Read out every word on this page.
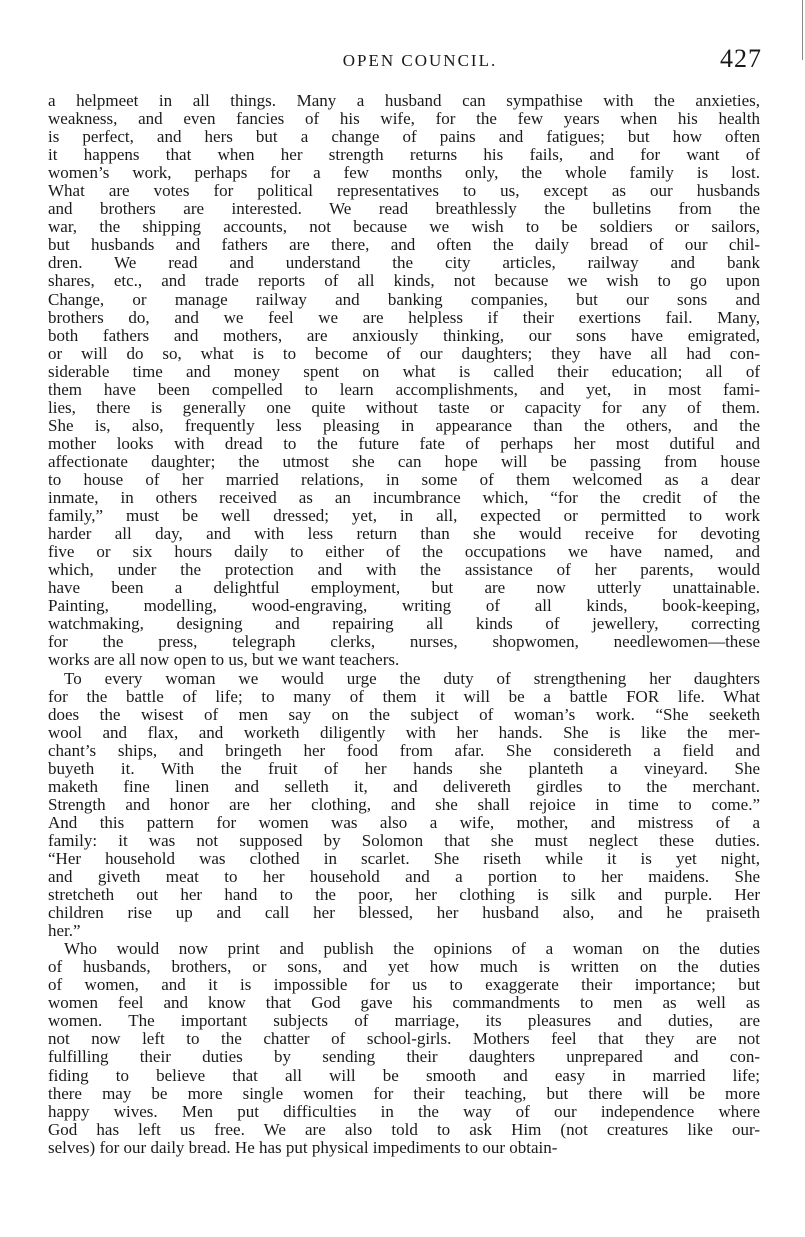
OPEN COUNCIL.	427
a helpmeet in all things. Many a husband can sympathise with the anxieties,
weakness, and even fancies of his wife, for the few years when his health
is perfect, and hers but a change of pains and fatigues; but how often
it happens that when her strength returns his fails, and for want of
women’s work, perhaps for a few months only, the whole family is lost.
What are votes for political representatives to us, except as our husbands
and brothers are interested. We read breathlessly the bulletins from the
war, the shipping accounts, not because we wish to be soldiers or sailors,
but husbands and fathers are there, and often the daily bread of our chil-
dren. We read and understand the city articles, railway and bank
shares, etc., and trade reports of all kinds, not because we wish to go upon
Change, or manage railway and banking companies, but our sons and
brothers do, and we feel we are helpless if their exertions fail. Many,
both fathers and mothers, are anxiously thinking, our sons have emigrated,
or will do so, what is to become of our daughters; they have all had con-
siderable time and money spent on what is called their education; all of
them have been compelled to learn accomplishments, and yet, in most fami-
lies, there is generally one quite without taste or capacity for any of them.
She is, also, frequently less pleasing in appearance than the others, and the
mother looks with dread to the future fate of perhaps her most dutiful and
affectionate daughter; the utmost she can hope will be passing from house
to house of her married relations, in some of them welcomed as a dear
inmate, in others received as an incumbrance which, “for the credit of the
family,” must be well dressed; yet, in all, expected or permitted to work
harder all day, and with less return than she would receive for devoting
five or six hours daily to either of the occupations we have named, and
which, under the protection and with the assistance of her parents, would
have been a delightful employment, but are now utterly unattainable.
Painting, modelling, wood-engraving, writing of all kinds, book-keeping,
watchmaking, designing and repairing all kinds of jewellery, correcting
for the press, telegraph clerks, nurses, shopwomen, needlewomen—these
works are all now open to us, but we want teachers.
To every woman we would urge the duty of strengthening her daughters
for the battle of life; to many of them it will be a battle FOR life. What
does the wisest of men say on the subject of woman’s work. “She seeketh
wool and flax, and worketh diligently with her hands. She is like the mer-
chant’s ships, and bringeth her food from afar. She considereth a field and
buyeth it. With the fruit of her hands she planteth a vineyard. She
maketh fine linen and selleth it, and delivereth girdles to the merchant.
Strength and honor are her clothing, and she shall rejoice in time to come.”
And this pattern for women was also a wife, mother, and mistress of a
family: it was not supposed by Solomon that she must neglect these duties.
“Her household was clothed in scarlet. She riseth while it is yet night,
and giveth meat to her household and a portion to her maidens. She
stretcheth out her hand to the poor, her clothing is silk and purple. Her
children rise up and call her blessed, her husband also, and he praiseth
her.”
Who would now print and publish the opinions of a woman on the duties
of husbands, brothers, or sons, and yet how much is written on the duties
of women, and it is impossible for us to exaggerate their importance; but
women feel and know that God gave his commandments to men as well as
women. The important subjects of marriage, its pleasures and duties, are
not now left to the chatter of school-girls. Mothers feel that they are not
fulfilling their duties by sending their daughters unprepared and con-
fiding to believe that all will be smooth and easy in married life;
there may be more single women for their teaching, but there will be more
happy wives. Men put difficulties in the way of our independence where
God has left us free. We are also told to ask Him (not creatures like our-
selves) for our daily bread. He has put physical impediments to our obtain-
